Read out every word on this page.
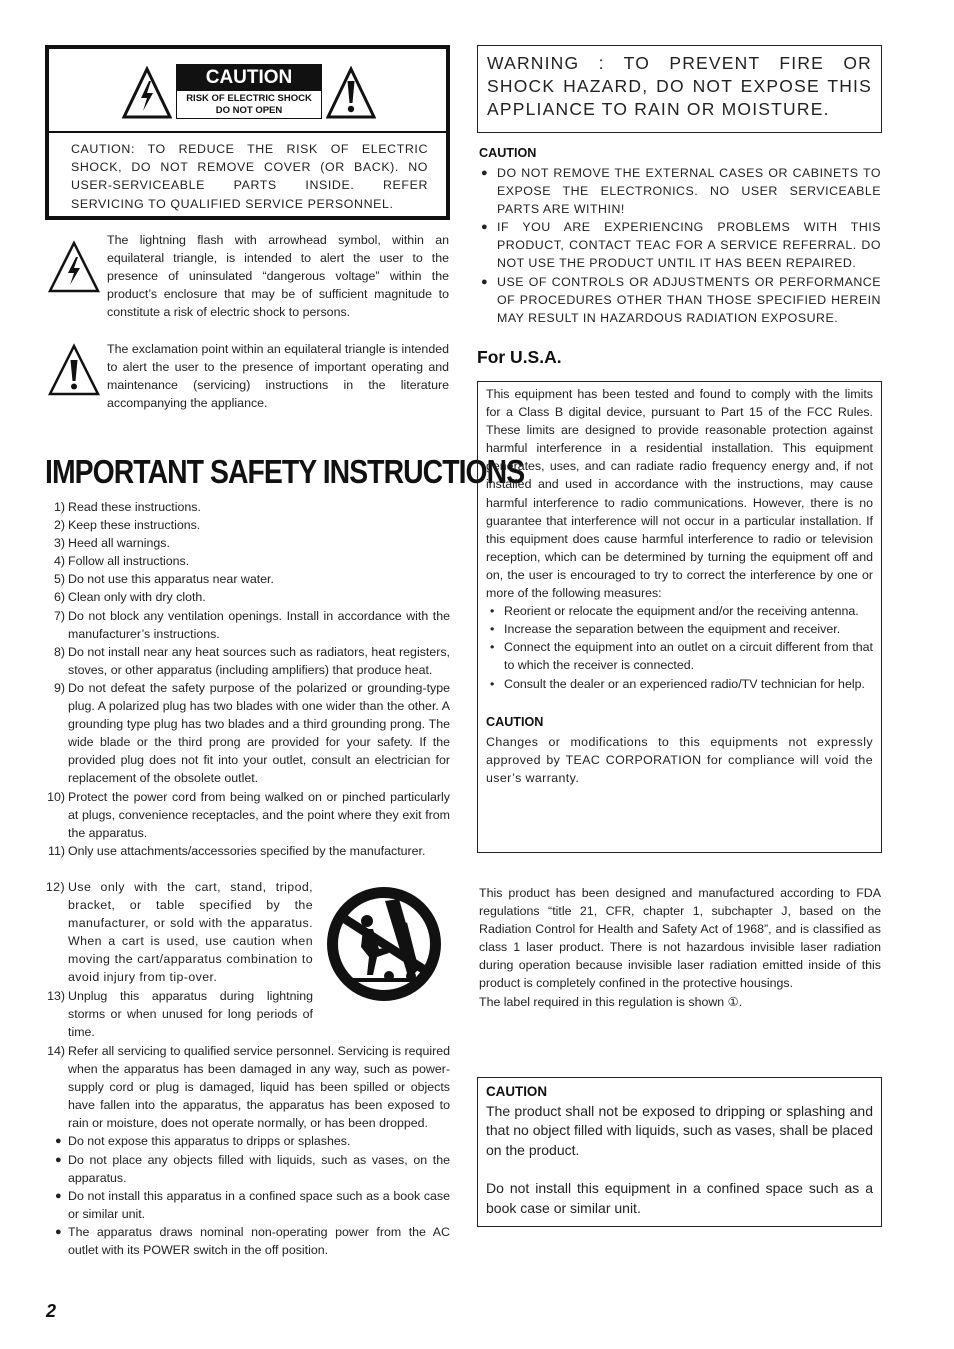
CAUTION
RISK OF ELECTRIC SHOCK
DO NOT OPEN
CAUTION: TO REDUCE THE RISK OF ELECTRIC SHOCK, DO NOT REMOVE COVER (OR BACK). NO USER-SERVICEABLE PARTS INSIDE. REFER SERVICING TO QUALIFIED SERVICE PERSONNEL.
The lightning flash with arrowhead symbol, within an equilateral triangle, is intended to alert the user to the presence of uninsulated “dangerous voltage” within the product’s enclosure that may be of sufficient magnitude to constitute a risk of electric shock to persons.
The exclamation point within an equilateral triangle is intended to alert the user to the presence of important operating and maintenance (servicing) instructions in the literature accompanying the appliance.
IMPORTANT SAFETY INSTRUCTIONS
1) Read these instructions.
2) Keep these instructions.
3) Heed all warnings.
4) Follow all instructions.
5) Do not use this apparatus near water.
6) Clean only with dry cloth.
7) Do not block any ventilation openings. Install in accordance with the manufacturer’s instructions.
8) Do not install near any heat sources such as radiators, heat registers, stoves, or other apparatus (including amplifiers) that produce heat.
9) Do not defeat the safety purpose of the polarized or grounding-type plug. A polarized plug has two blades with one wider than the other. A grounding type plug has two blades and a third grounding prong. The wide blade or the third prong are provided for your safety. If the provided plug does not fit into your outlet, consult an electrician for replacement of the obsolete outlet.
10) Protect the power cord from being walked on or pinched particularly at plugs, convenience receptacles, and the point where they exit from the apparatus.
11) Only use attachments/accessories specified by the manufacturer.
12) Use only with the cart, stand, tripod, bracket, or table specified by the manufacturer, or sold with the apparatus. When a cart is used, use caution when moving the cart/apparatus combination to avoid injury from tip-over.
13) Unplug this apparatus during lightning storms or when unused for long periods of time.
14) Refer all servicing to qualified service personnel. Servicing is required when the apparatus has been damaged in any way, such as power-supply cord or plug is damaged, liquid has been spilled or objects have fallen into the apparatus, the apparatus has been exposed to rain or moisture, does not operate normally, or has been dropped.
● Do not expose this apparatus to dripps or splashes.
● Do not place any objects filled with liquids, such as vases, on the apparatus.
● Do not install this apparatus in a confined space such as a book case or similar unit.
● The apparatus draws nominal non-operating power from the AC outlet with its POWER switch in the off position.
2
WARNING : TO PREVENT FIRE OR SHOCK HAZARD, DO NOT EXPOSE THIS APPLIANCE TO RAIN OR MOISTURE.
CAUTION
● DO NOT REMOVE THE EXTERNAL CASES OR CABINETS TO EXPOSE THE ELECTRONICS. NO USER SERVICEABLE PARTS ARE WITHIN!
● IF YOU ARE EXPERIENCING PROBLEMS WITH THIS PRODUCT, CONTACT TEAC FOR A SERVICE REFERRAL. DO NOT USE THE PRODUCT UNTIL IT HAS BEEN REPAIRED.
● USE OF CONTROLS OR ADJUSTMENTS OR PERFORMANCE OF PROCEDURES OTHER THAN THOSE SPECIFIED HEREIN MAY RESULT IN HAZARDOUS RADIATION EXPOSURE.
For U.S.A.
This equipment has been tested and found to comply with the limits for a Class B digital device, pursuant to Part 15 of the FCC Rules. These limits are designed to provide reasonable protection against harmful interference in a residential installation. This equipment generates, uses, and can radiate radio frequency energy and, if not installed and used in accordance with the instructions, may cause harmful interference to radio communications. However, there is no guarantee that interference will not occur in a particular installation. If this equipment does cause harmful interference to radio or television reception, which can be determined by turning the equipment off and on, the user is encouraged to try to correct the interference by one or more of the following measures:
• Reorient or relocate the equipment and/or the receiving antenna.
• Increase the separation between the equipment and receiver.
• Connect the equipment into an outlet on a circuit different from that to which the receiver is connected.
• Consult the dealer or an experienced radio/TV technician for help.
CAUTION
Changes or modifications to this equipments not expressly approved by TEAC CORPORATION for compliance will void the user’s warranty.
This product has been designed and manufactured according to FDA regulations “title 21, CFR, chapter 1, subchapter J, based on the Radiation Control for Health and Safety Act of 1968”, and is classified as class 1 laser product. There is not hazardous invisible laser radiation during operation because invisible laser radiation emitted inside of this product is completely confined in the protective housings.
The label required in this regulation is shown ①.
CAUTION
The product shall not be exposed to dripping or splashing and that no object filled with liquids, such as vases, shall be placed on the product.
Do not install this equipment in a confined space such as a book case or similar unit.
